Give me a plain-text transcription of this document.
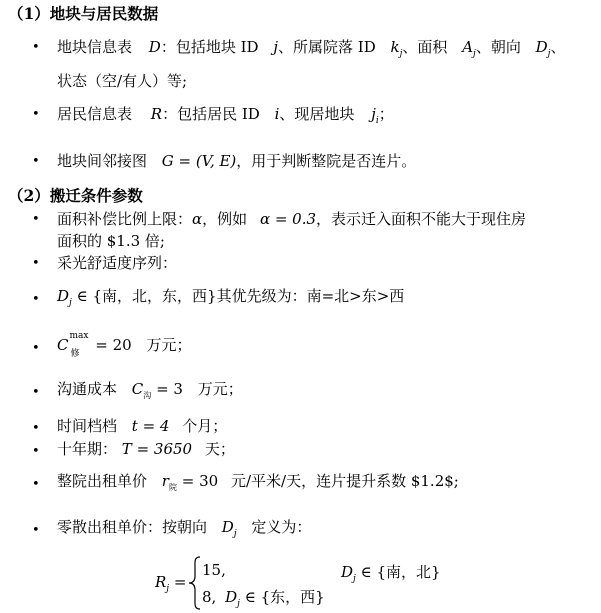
（1）地块与居民数据
• 地块信息表 D：包括地块 ID j、所属院落 ID $k_j$、面积 $A_j$、朝向 $D_j$、
状态（空/有人）等;
• 居民信息表 R：包括居民 ID i、现居地块 $j_i$；
• 地块间邻接图 G = (V, E)，用于判断整院是否连片。
（2）搬迁条件参数
• 面积补偿比例上限：α，例如 α = 0.3，表示迁入面积不能大于现住房
面积的 $1.3 倍;
• 采光舒适度序列：
• $D_j$ ∈ {南，北，东，西}其优先级为：南=北>东>西
• C max
修 = 20 万元；
• 沟通成本 $C_沟 = 3$ 万元；
• 时间档档 t = 4 个月；
• 十年期： T = 3650 天；
• 整院出租单价 $r_院 = 30$ 元/平米/天，连片提升系数 $1.2$;
• 零散出租单价：按朝向 $D_j$ 定义为：
$R_j$ =
15,	$D_j$ ∈ {南，北}
8, $D_j$ ∈ {东，西}
